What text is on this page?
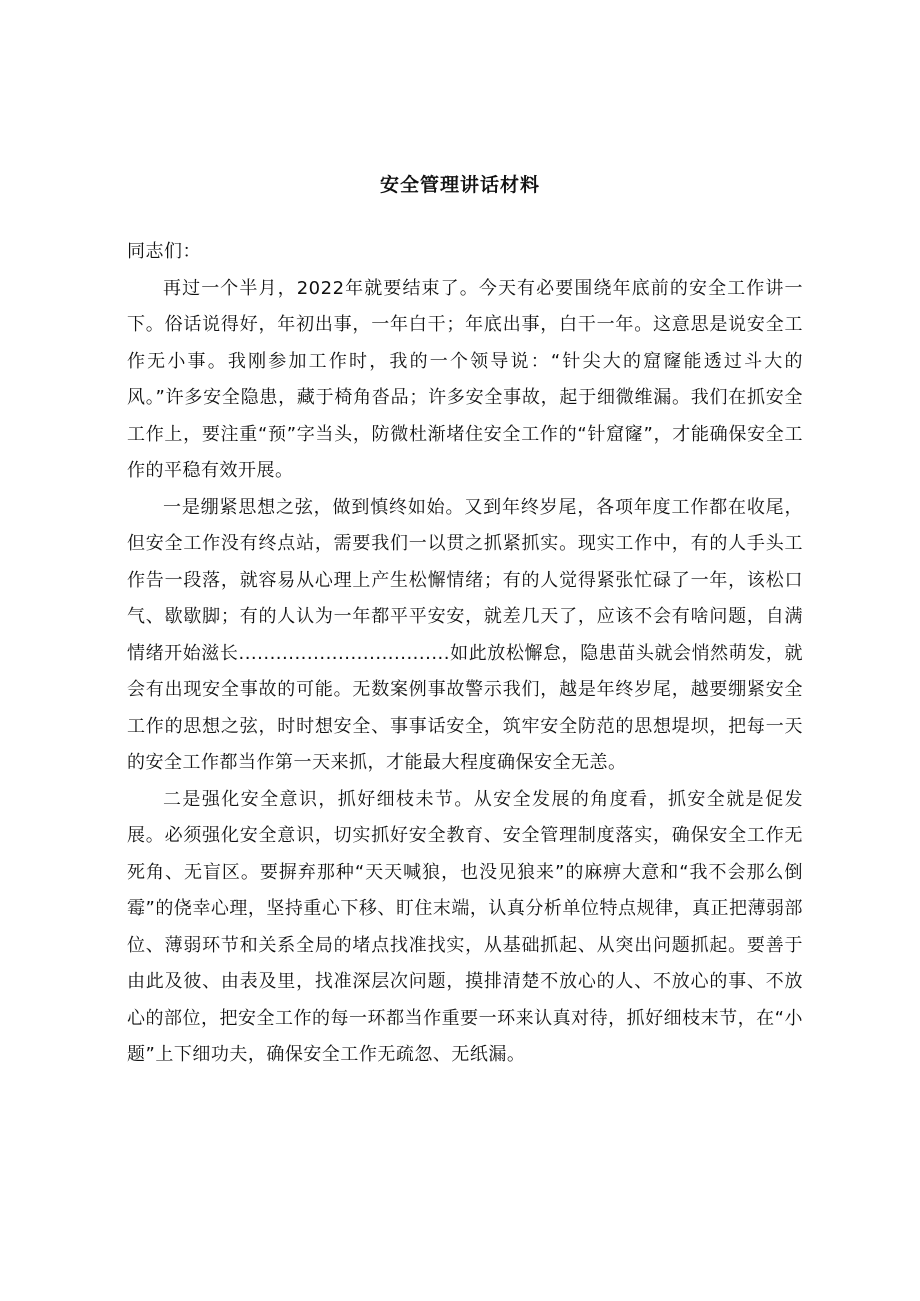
安全管理讲话材料

同志们：

再过一个半月，2022年就要结束了。今天有必要围绕年底前的安全工作讲一下。俗话说得好，年初出事，一年白干；年底出事，白干一年。这意思是说安全工作无小事。我刚参加工作时，我的一个领导说：“针尖大的窟窿能透过斗大的风。”许多安全隐患，藏于椅角沓品；许多安全事故，起于细微维漏。我们在抓安全工作上，要注重“预”字当头，防微杜渐堵住安全工作的“针窟窿”，才能确保安全工作的平稳有效开展。

一是绷紧思想之弦，做到慎终如始。又到年终岁尾，各项年度工作都在收尾，但安全工作没有终点站，需要我们一以贯之抓紧抓实。现实工作中，有的人手头工作告一段落，就容易从心理上产生松懈情绪；有的人觉得紧张忙碌了一年，该松口气、歇歇脚；有的人认为一年都平平安安，就差几天了，应该不会有啥问题，自满情绪开始滋长..................................如此放松懈怠，隐患苗头就会悄然萌发，就会有出现安全事故的可能。无数案例事故警示我们，越是年终岁尾，越要绷紧安全工作的思想之弦，时时想安全、事事话安全，筑牢安全防范的思想堤坝，把每一天的安全工作都当作第一天来抓，才能最大程度确保安全无恙。

二是强化安全意识，抓好细枝未节。从安全发展的角度看，抓安全就是促发展。必须强化安全意识，切实抓好安全教育、安全管理制度落实，确保安全工作无死角、无盲区。要摒弃那种“天天喊狼，也没见狼来”的麻痹大意和“我不会那么倒霉”的侥幸心理，坚持重心下移、盯住末端，认真分析单位特点规律，真正把薄弱部位、薄弱环节和关系全局的堵点找准找实，从基础抓起、从突出问题抓起。要善于由此及彼、由表及里，找准深层次问题，摸排清楚不放心的人、不放心的事、不放心的部位，把安全工作的每一环都当作重要一环来认真对待，抓好细枝末节，在“小题”上下细功夫，确保安全工作无疏忽、无纸漏。
